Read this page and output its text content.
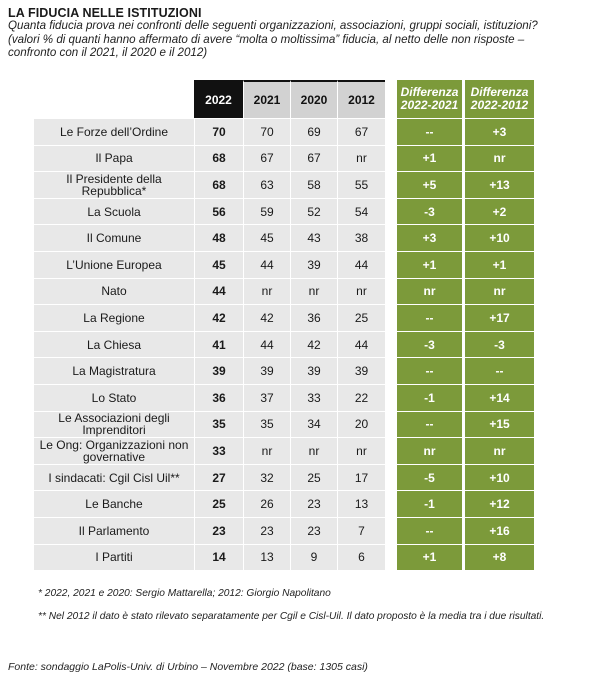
LA FIDUCIA NELLE ISTITUZIONI
Quanta fiducia prova nei confronti delle seguenti organizzazioni, associazioni, gruppi sociali, istituzioni? (valori % di quanti hanno affermato di avere “molta o moltissima” fiducia, al netto delle non risposte – confronto con il 2021, il 2020 e il 2012)
	2022	2021	2020	2012		Differenza 2022-2021	Differenza 2022-2012
Le Forze dell’Ordine	70	70	69	67		--	+3
Il Papa	68	67	67	nr		+1	nr
Il Presidente della Repubblica*	68	63	58	55		+5	+13
La Scuola	56	59	52	54		-3	+2
Il Comune	48	45	43	38		+3	+10
L’Unione Europea	45	44	39	44		+1	+1
Nato	44	nr	nr	nr		nr	nr
La Regione	42	42	36	25		--	+17
La Chiesa	41	44	42	44		-3	-3
La Magistratura	39	39	39	39		--	--
Lo Stato	36	37	33	22		-1	+14
Le Associazioni degli Imprenditori	35	35	34	20		--	+15
Le Ong: Organizzazioni non governative	33	nr	nr	nr		nr	nr
I sindacati: Cgil Cisl Uil**	27	32	25	17		-5	+10
Le Banche	25	26	23	13		-1	+12
Il Parlamento	23	23	23	7		--	+16
I Partiti	14	13	9	6		+1	+8

* 2022, 2021 e 2020: Sergio Mattarella; 2012: Giorgio Napolitano

** Nel 2012 il dato è stato rilevato separatamente per Cgil e Cisl-Uil. Il dato proposto è la media tra i due risultati.

Fonte: sondaggio LaPolis-Univ. di Urbino – Novembre 2022 (base: 1305 casi)
